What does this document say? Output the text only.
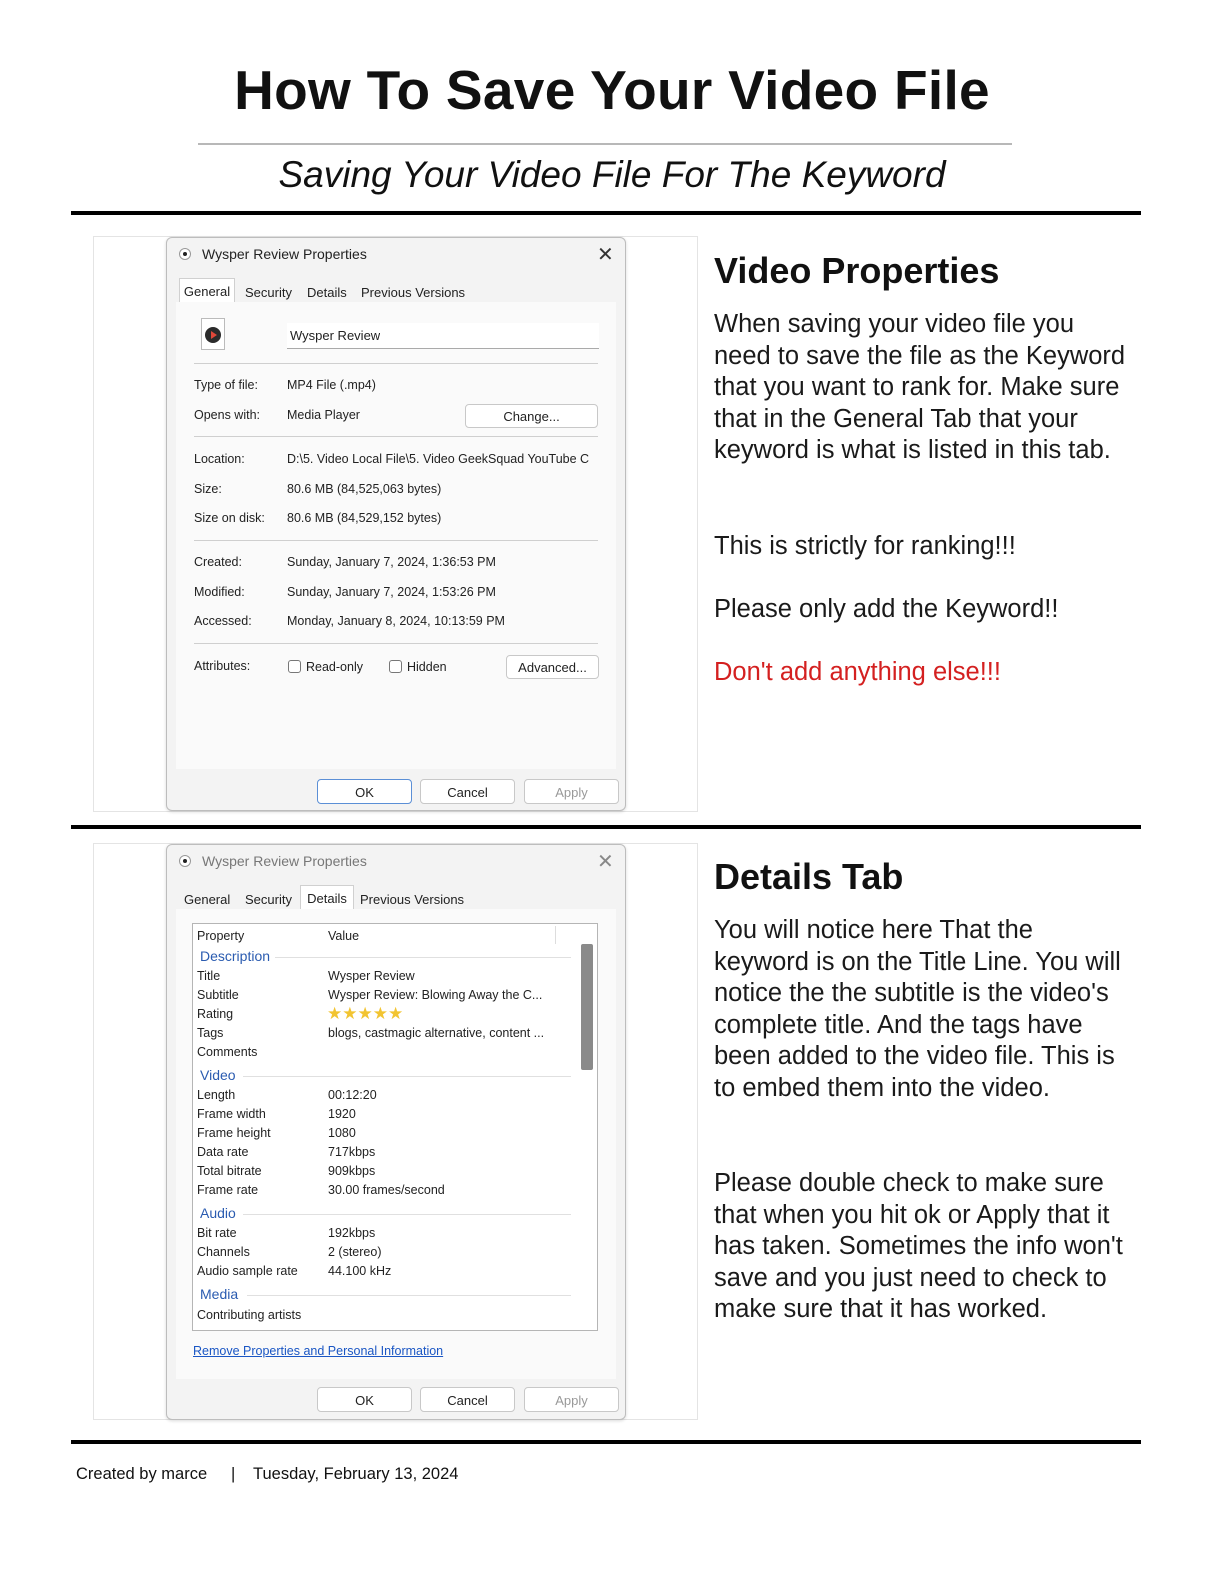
How To Save Your Video File
Saving Your Video File For The Keyword
Wysper Review Properties	✕
General	Security Details Previous Versions
Wysper Review
Type of file: MP4 File (.mp4)
Opens with: Media Player	Change...
Location:	D:\5. Video Local File\5. Video GeekSquad YouTube C
Size:	80.6 MB (84,525,063 bytes)
Size on disk: 80.6 MB (84,529,152 bytes)
Created:	Sunday, January 7, 2024, 1:36:53 PM
Modified:	Sunday, January 7, 2024, 1:53:26 PM
Accessed:	Monday, January 8, 2024, 10:13:59 PM
Attributes:	Read-only	Hidden	Advanced...
OK	Cancel	Apply
Video Properties
When saving your video file you need to save the file as the Keyword that you want to rank for. Make sure that in the General Tab that your keyword is what is listed in this tab.
This is strictly for ranking!!!
Please only add the Keyword!!
Don't add anything else!!!
Wysper Review Properties	✕
General Security	Details	Previous Versions
Property	Value
Description
Title	Wysper Review
Subtitle	Wysper Review: Blowing Away the C...
Rating	★★★★★
Tags	blogs, castmagic alternative, content ...
Comments
Video
Length	00:12:20
Frame width	1920
Frame height	1080
Data rate	717kbps
Total bitrate	909kbps
Frame rate	30.00 frames/second
Audio
Bit rate	192kbps
Channels	2 (stereo)
Audio sample rate 44.100 kHz
Media
Contributing artists
Remove Properties and Personal Information
OK	Cancel	Apply
Details Tab
You will notice here That the keyword is on the Title Line. You will notice the the subtitle is the video's complete title. And the tags have been added to the video file. This is to embed them into the video.
Please double check to make sure that when you hit ok or Apply that it has taken. Sometimes the info won't save and you just need to check to make sure that it has worked.
Created by marce | Tuesday, February 13, 2024
